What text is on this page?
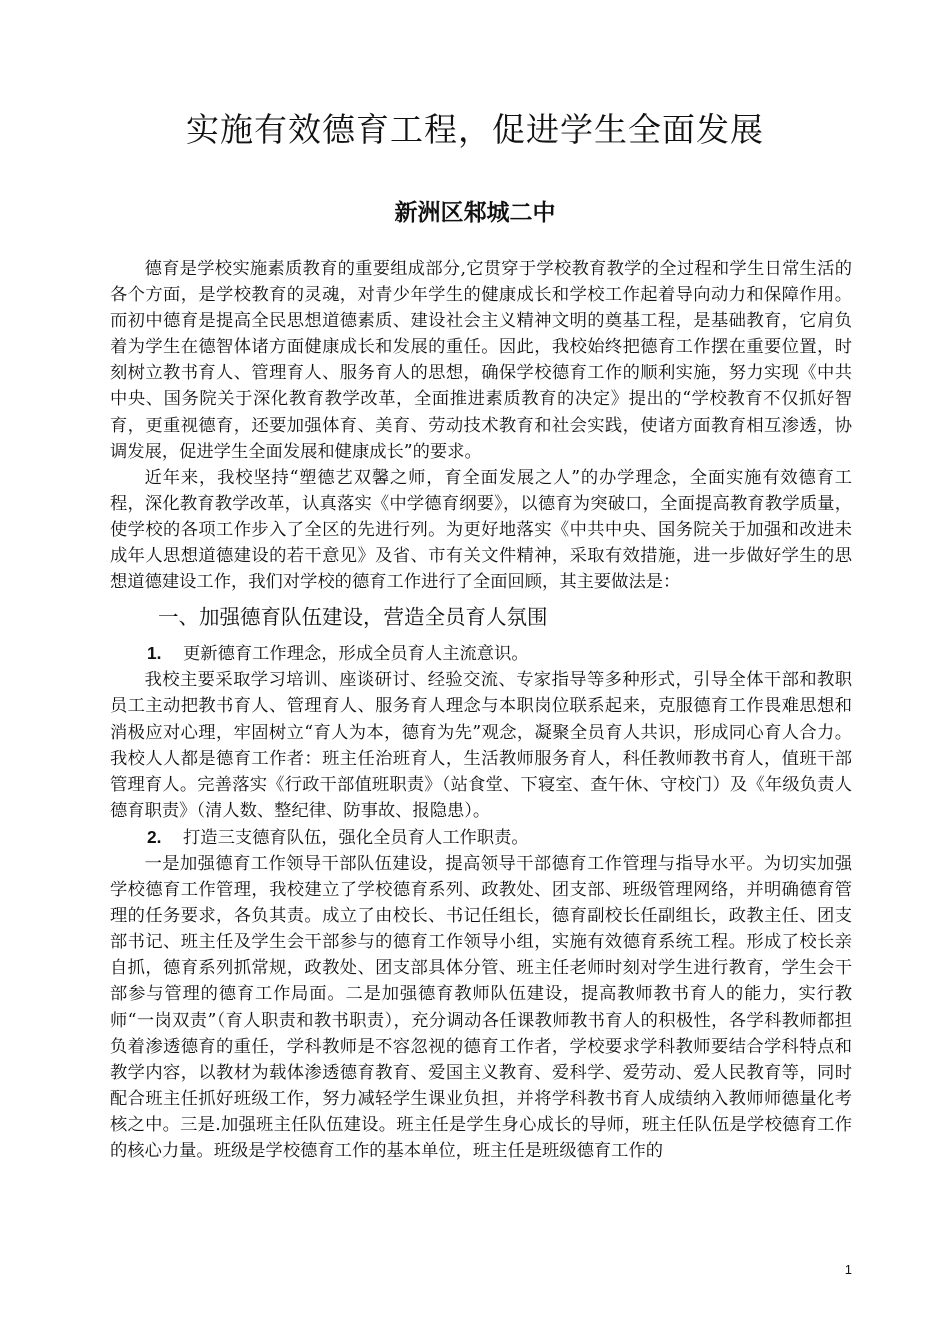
实施有效德育工程，促进学生全面发展
新洲区邾城二中

德育是学校实施素质教育的重要组成部分,它贯穿于学校教育教学的全过程和学生日常生活的各个方面，是学校教育的灵魂，对青少年学生的健康成长和学校工作起着导向动力和保障作用。而初中德育是提高全民思想道德素质、建设社会主义精神文明的奠基工程，是基础教育，它肩负着为学生在德智体诸方面健康成长和发展的重任。因此，我校始终把德育工作摆在重要位置，时刻树立教书育人、管理育人、服务育人的思想，确保学校德育工作的顺利实施，努力实现《中共中央、国务院关于深化教育教学改革，全面推进素质教育的决定》提出的“学校教育不仅抓好智育，更重视德育，还要加强体育、美育、劳动技术教育和社会实践，使诸方面教育相互渗透，协调发展，促进学生全面发展和健康成长”的要求。

近年来，我校坚持“塑德艺双馨之师，育全面发展之人”的办学理念，全面实施有效德育工程，深化教育教学改革，认真落实《中学德育纲要》，以德育为突破口，全面提高教育教学质量，使学校的各项工作步入了全区的先进行列。为更好地落实《中共中央、国务院关于加强和改进未成年人思想道德建设的若干意见》及省、市有关文件精神，采取有效措施，进一步做好学生的思想道德建设工作，我们对学校的德育工作进行了全面回顾，其主要做法是：

一、加强德育队伍建设，营造全员育人氛围
1. 更新德育工作理念，形成全员育人主流意识。

我校主要采取学习培训、座谈研讨、经验交流、专家指导等多种形式，引导全体干部和教职员工主动把教书育人、管理育人、服务育人理念与本职岗位联系起来，克服德育工作畏难思想和消极应对心理，牢固树立“育人为本，德育为先”观念，凝聚全员育人共识，形成同心育人合力。我校人人都是德育工作者：班主任治班育人，生活教师服务育人，科任教师教书育人，值班干部管理育人。完善落实《行政干部值班职责》（站食堂、下寝室、查午休、守校门）及《年级负责人德育职责》（清人数、整纪律、防事故、报隐患）。

2. 打造三支德育队伍，强化全员育人工作职责。

一是加强德育工作领导干部队伍建设，提高领导干部德育工作管理与指导水平。为切实加强学校德育工作管理，我校建立了学校德育系列、政教处、团支部、班级管理网络，并明确德育管理的任务要求，各负其责。成立了由校长、书记任组长，德育副校长任副组长，政教主任、团支部书记、班主任及学生会干部参与的德育工作领导小组，实施有效德育系统工程。形成了校长亲自抓，德育系列抓常规，政教处、团支部具体分管、班主任老师时刻对学生进行教育，学生会干部参与管理的德育工作局面。二是加强德育教师队伍建设，提高教师教书育人的能力，实行教师“一岗双责”（育人职责和教书职责），充分调动各任课教师教书育人的积极性，各学科教师都担负着渗透德育的重任，学科教师是不容忽视的德育工作者，学校要求学科教师要结合学科特点和教学内容，以教材为载体渗透德育教育、爱国主义教育、爱科学、爱劳动、爱人民教育等，同时配合班主任抓好班级工作，努力减轻学生课业负担，并将学科教书育人成绩纳入教师师德量化考核之中。三是.加强班主任队伍建设。班主任是学生身心成长的导师，班主任队伍是学校德育工作的核心力量。班级是学校德育工作的基本单位，班主任是班级德育工作的

1
